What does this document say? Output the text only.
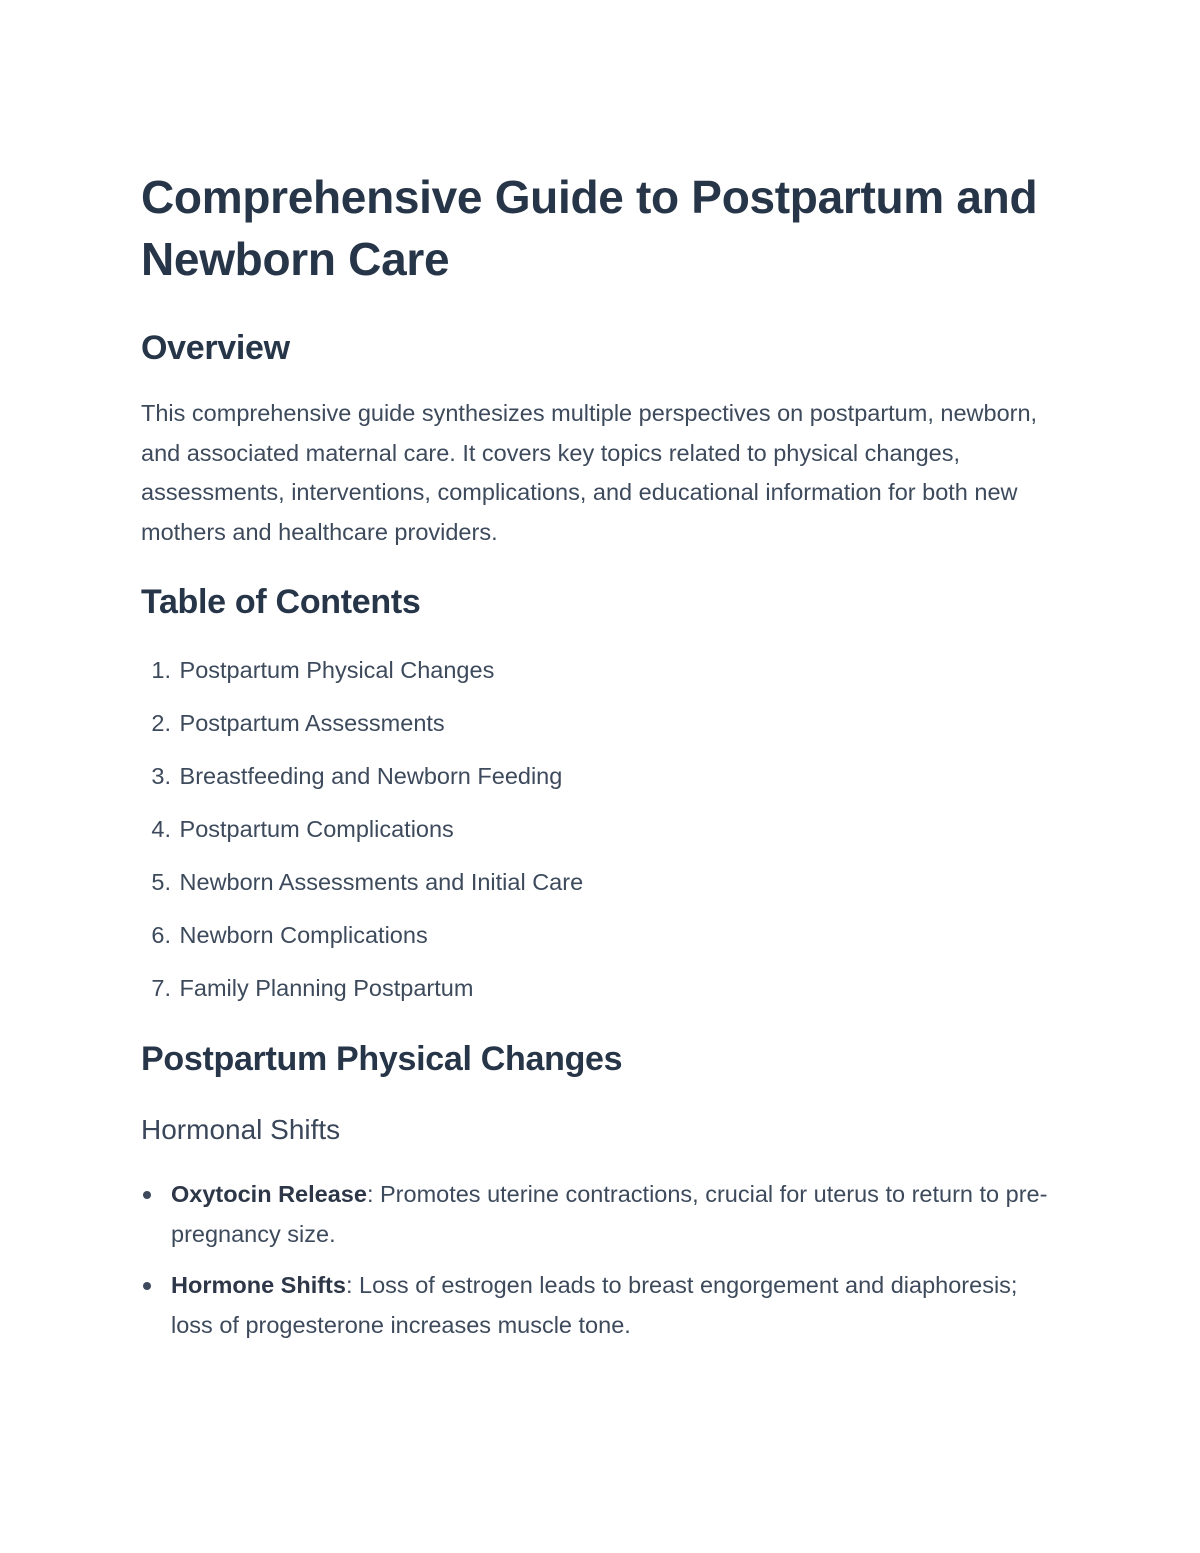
Comprehensive Guide to Postpartum and Newborn Care
Overview

This comprehensive guide synthesizes multiple perspectives on postpartum, newborn, and associated maternal care. It covers key topics related to physical changes, assessments, interventions, complications, and educational information for both new mothers and healthcare providers.

Table of Contents
1.
Postpartum Physical Changes
2.
Postpartum Assessments
3.
Breastfeeding and Newborn Feeding
4.
Postpartum Complications
5.
Newborn Assessments and Initial Care
6.
Newborn Complications
7.
Family Planning Postpartum
Postpartum Physical Changes
Hormonal Shifts
Oxytocin Release: Promotes uterine contractions, crucial for uterus to return to pre-pregnancy size.
Hormone Shifts: Loss of estrogen leads to breast engorgement and diaphoresis; loss of progesterone increases muscle tone.
